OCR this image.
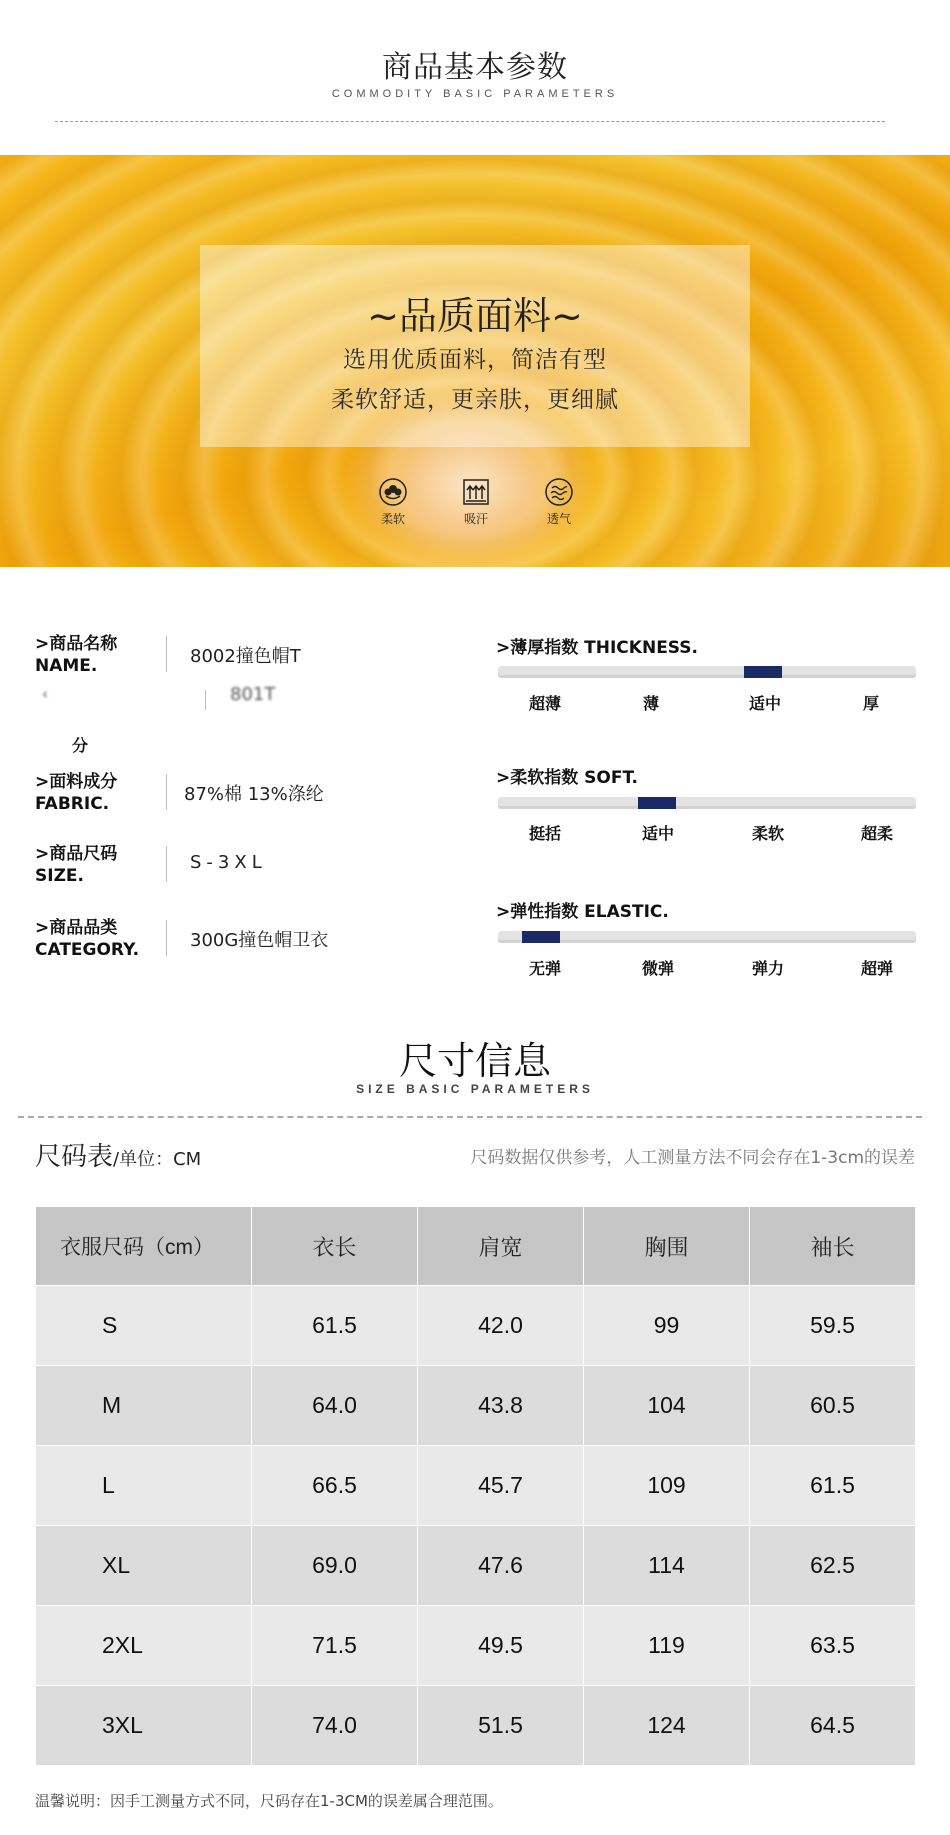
商品基本参数
COMMODITY BASIC PARAMETERS
~品质面料~
选用优质面料，简洁有型
柔软舒适，更亲肤，更细腻
柔软	吸汗	透气
>商品名称
NAME.	8002撞色帽T
‹	801T
分
>面料成分
FABRIC.	87%棉 13%涤纶
>商品尺码
SIZE.
S-3XL
>商品品类
CATEGORY.	300G撞色帽卫衣
>薄厚指数 THICKNESS.
超薄	薄	适中	厚
>柔软指数 SOFT.
挺括	适中	柔软	超柔
>弹性指数 ELASTIC.
无弹	微弹	弹力	超弹
尺寸信息
SIZE BASIC PARAMETERS
尺码表/单位：CM	尺码数据仅供参考，人工测量方法不同会存在1-3cm的误差
衣服尺码（cm）	衣长	肩宽	胸围	袖长
S	61.5	42.0	99	59.5
M	64.0	43.8	104	60.5
L	66.5	45.7	109	61.5
XL	69.0	47.6	114	62.5
2XL	71.5	49.5	119	63.5
3XL	74.0	51.5	124	64.5
温馨说明：因手工测量方式不同，尺码存在1-3CM的误差属合理范围。
